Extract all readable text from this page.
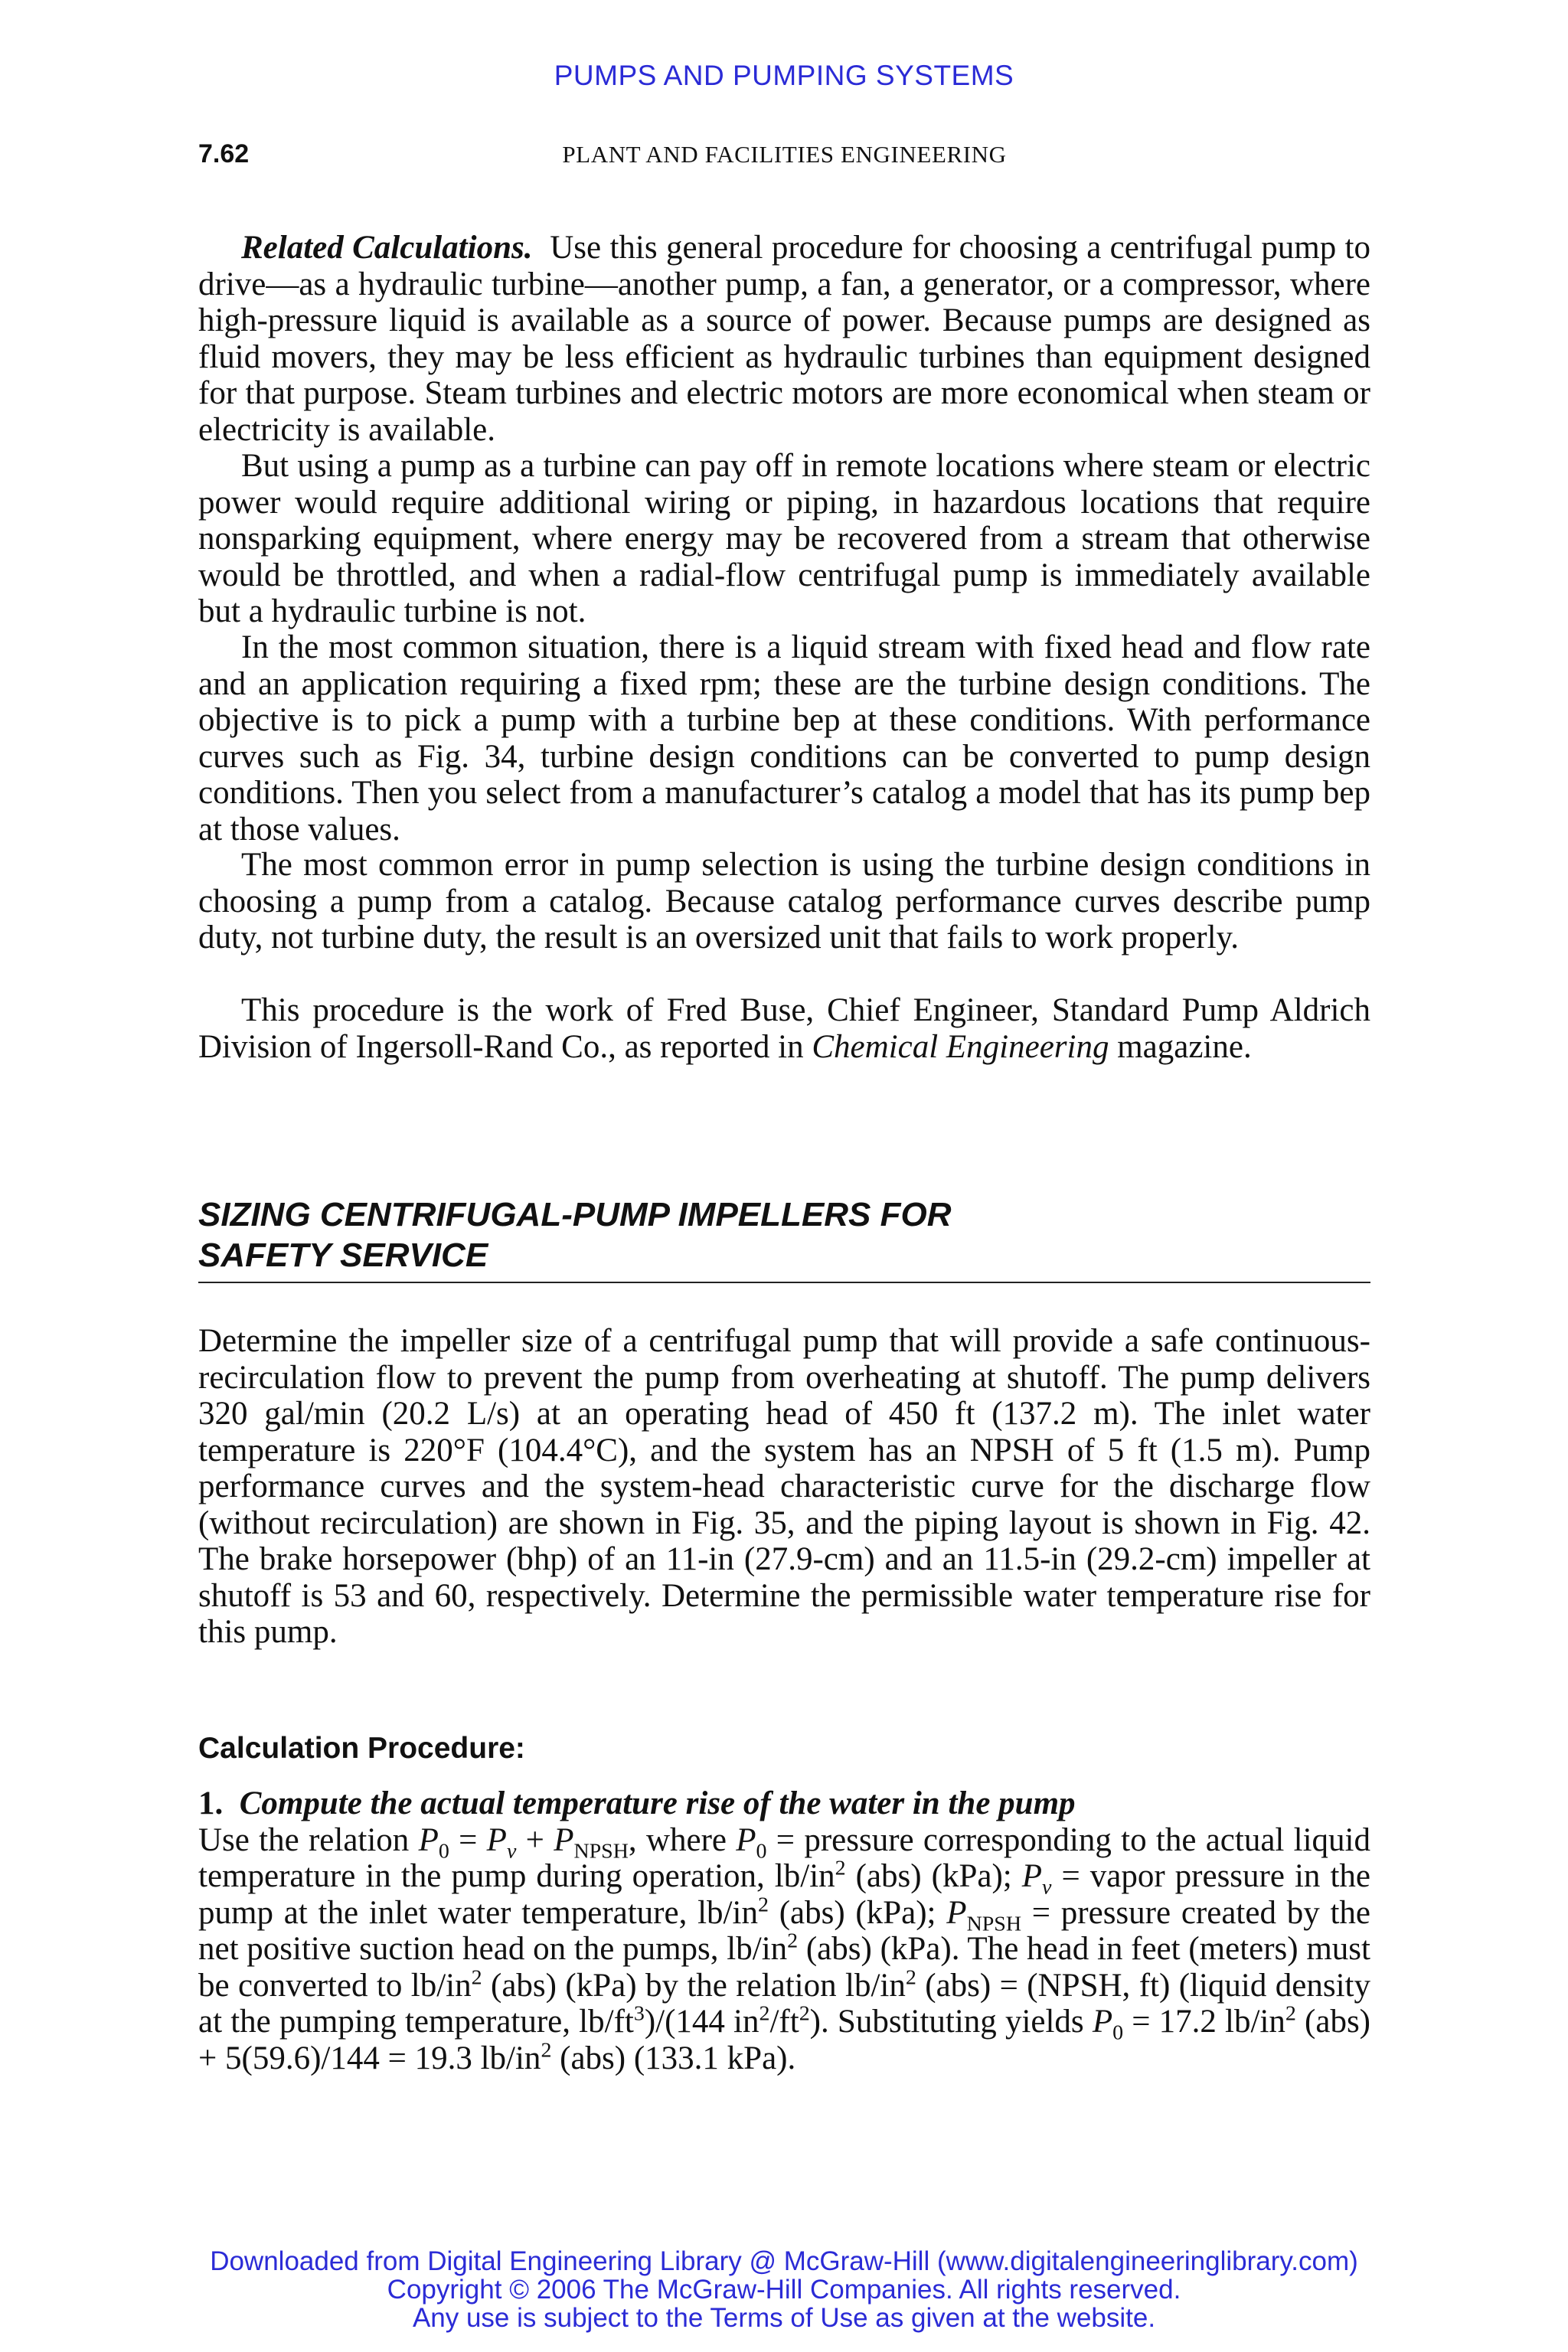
PUMPS AND PUMPING SYSTEMS
7.62	PLANT AND FACILITIES ENGINEERING

Related Calculations. Use this general procedure for choosing a centrifugal pump to drive—as a hydraulic turbine—another pump, a fan, a generator, or a compressor, where high-pressure liquid is available as a source of power. Because pumps are designed as fluid movers, they may be less efficient as hydraulic turbines than equipment designed for that purpose. Steam turbines and electric motors are more economical when steam or electricity is available.

But using a pump as a turbine can pay off in remote locations where steam or electric power would require additional wiring or piping, in hazardous locations that require nonsparking equipment, where energy may be recovered from a stream that otherwise would be throttled, and when a radial-flow centrifugal pump is immediately available but a hydraulic turbine is not.

In the most common situation, there is a liquid stream with fixed head and flow rate and an application requiring a fixed rpm; these are the turbine design conditions. The objective is to pick a pump with a turbine bep at these conditions. With performance curves such as Fig. 34, turbine design conditions can be converted to pump design conditions. Then you select from a manufacturer’s catalog a model that has its pump bep at those values.

The most common error in pump selection is using the turbine design conditions in choosing a pump from a catalog. Because catalog performance curves describe pump duty, not turbine duty, the result is an oversized unit that fails to work properly.

This procedure is the work of Fred Buse, Chief Engineer, Standard Pump Aldrich Division of Ingersoll-Rand Co., as reported in Chemical Engineering magazine.

SIZING CENTRIFUGAL-PUMP IMPELLERS FOR
SAFETY SERVICE

Determine the impeller size of a centrifugal pump that will provide a safe continuous-recirculation flow to prevent the pump from overheating at shutoff. The pump delivers 320 gal/min (20.2 L/s) at an operating head of 450 ft (137.2 m). The inlet water temperature is 220°F (104.4°C), and the system has an NPSH of 5 ft (1.5 m). Pump performance curves and the system-head characteristic curve for the discharge flow (without recirculation) are shown in Fig. 35, and the piping layout is shown in Fig. 42. The brake horsepower (bhp) of an 11-in (27.9-cm) and an 11.5-in (29.2-cm) impeller at shutoff is 53 and 60, respectively. Determine the permissible water temperature rise for this pump.

Calculation Procedure:

1. Compute the actual temperature rise of the water in the pump

Use the relation $P_0 = P_v + P_{NPSH}$, where $P_0$ = pressure corresponding to the actual liquid temperature in the pump during operation, $lb/in^2$ (abs) (kPa); $P_v$ = vapor pressure in the pump at the inlet water temperature, $lb/in^2$ (abs) (kPa); $P_{NPSH}$ = pressure created by the net positive suction head on the pumps, $lb/in^2$ (abs) (kPa). The head in feet (meters) must be converted to $lb/in^2$ (abs) (kPa) by the relation $lb/in^2$ (abs) = (NPSH, ft) (liquid density at the pumping temperature, $lb/ft^3)/(144$ $in^2/ft^2$). Substituting yields $P_0 = 17.2$ $lb/in^2$ (abs) + 5(59.6)/144 = 19.3 $lb/in^2$ (abs) (133.1 kPa).

Downloaded from Digital Engineering Library @ McGraw-Hill (www.digitalengineeringlibrary.com)
Copyright © 2006 The McGraw-Hill Companies. All rights reserved.
Any use is subject to the Terms of Use as given at the website.
